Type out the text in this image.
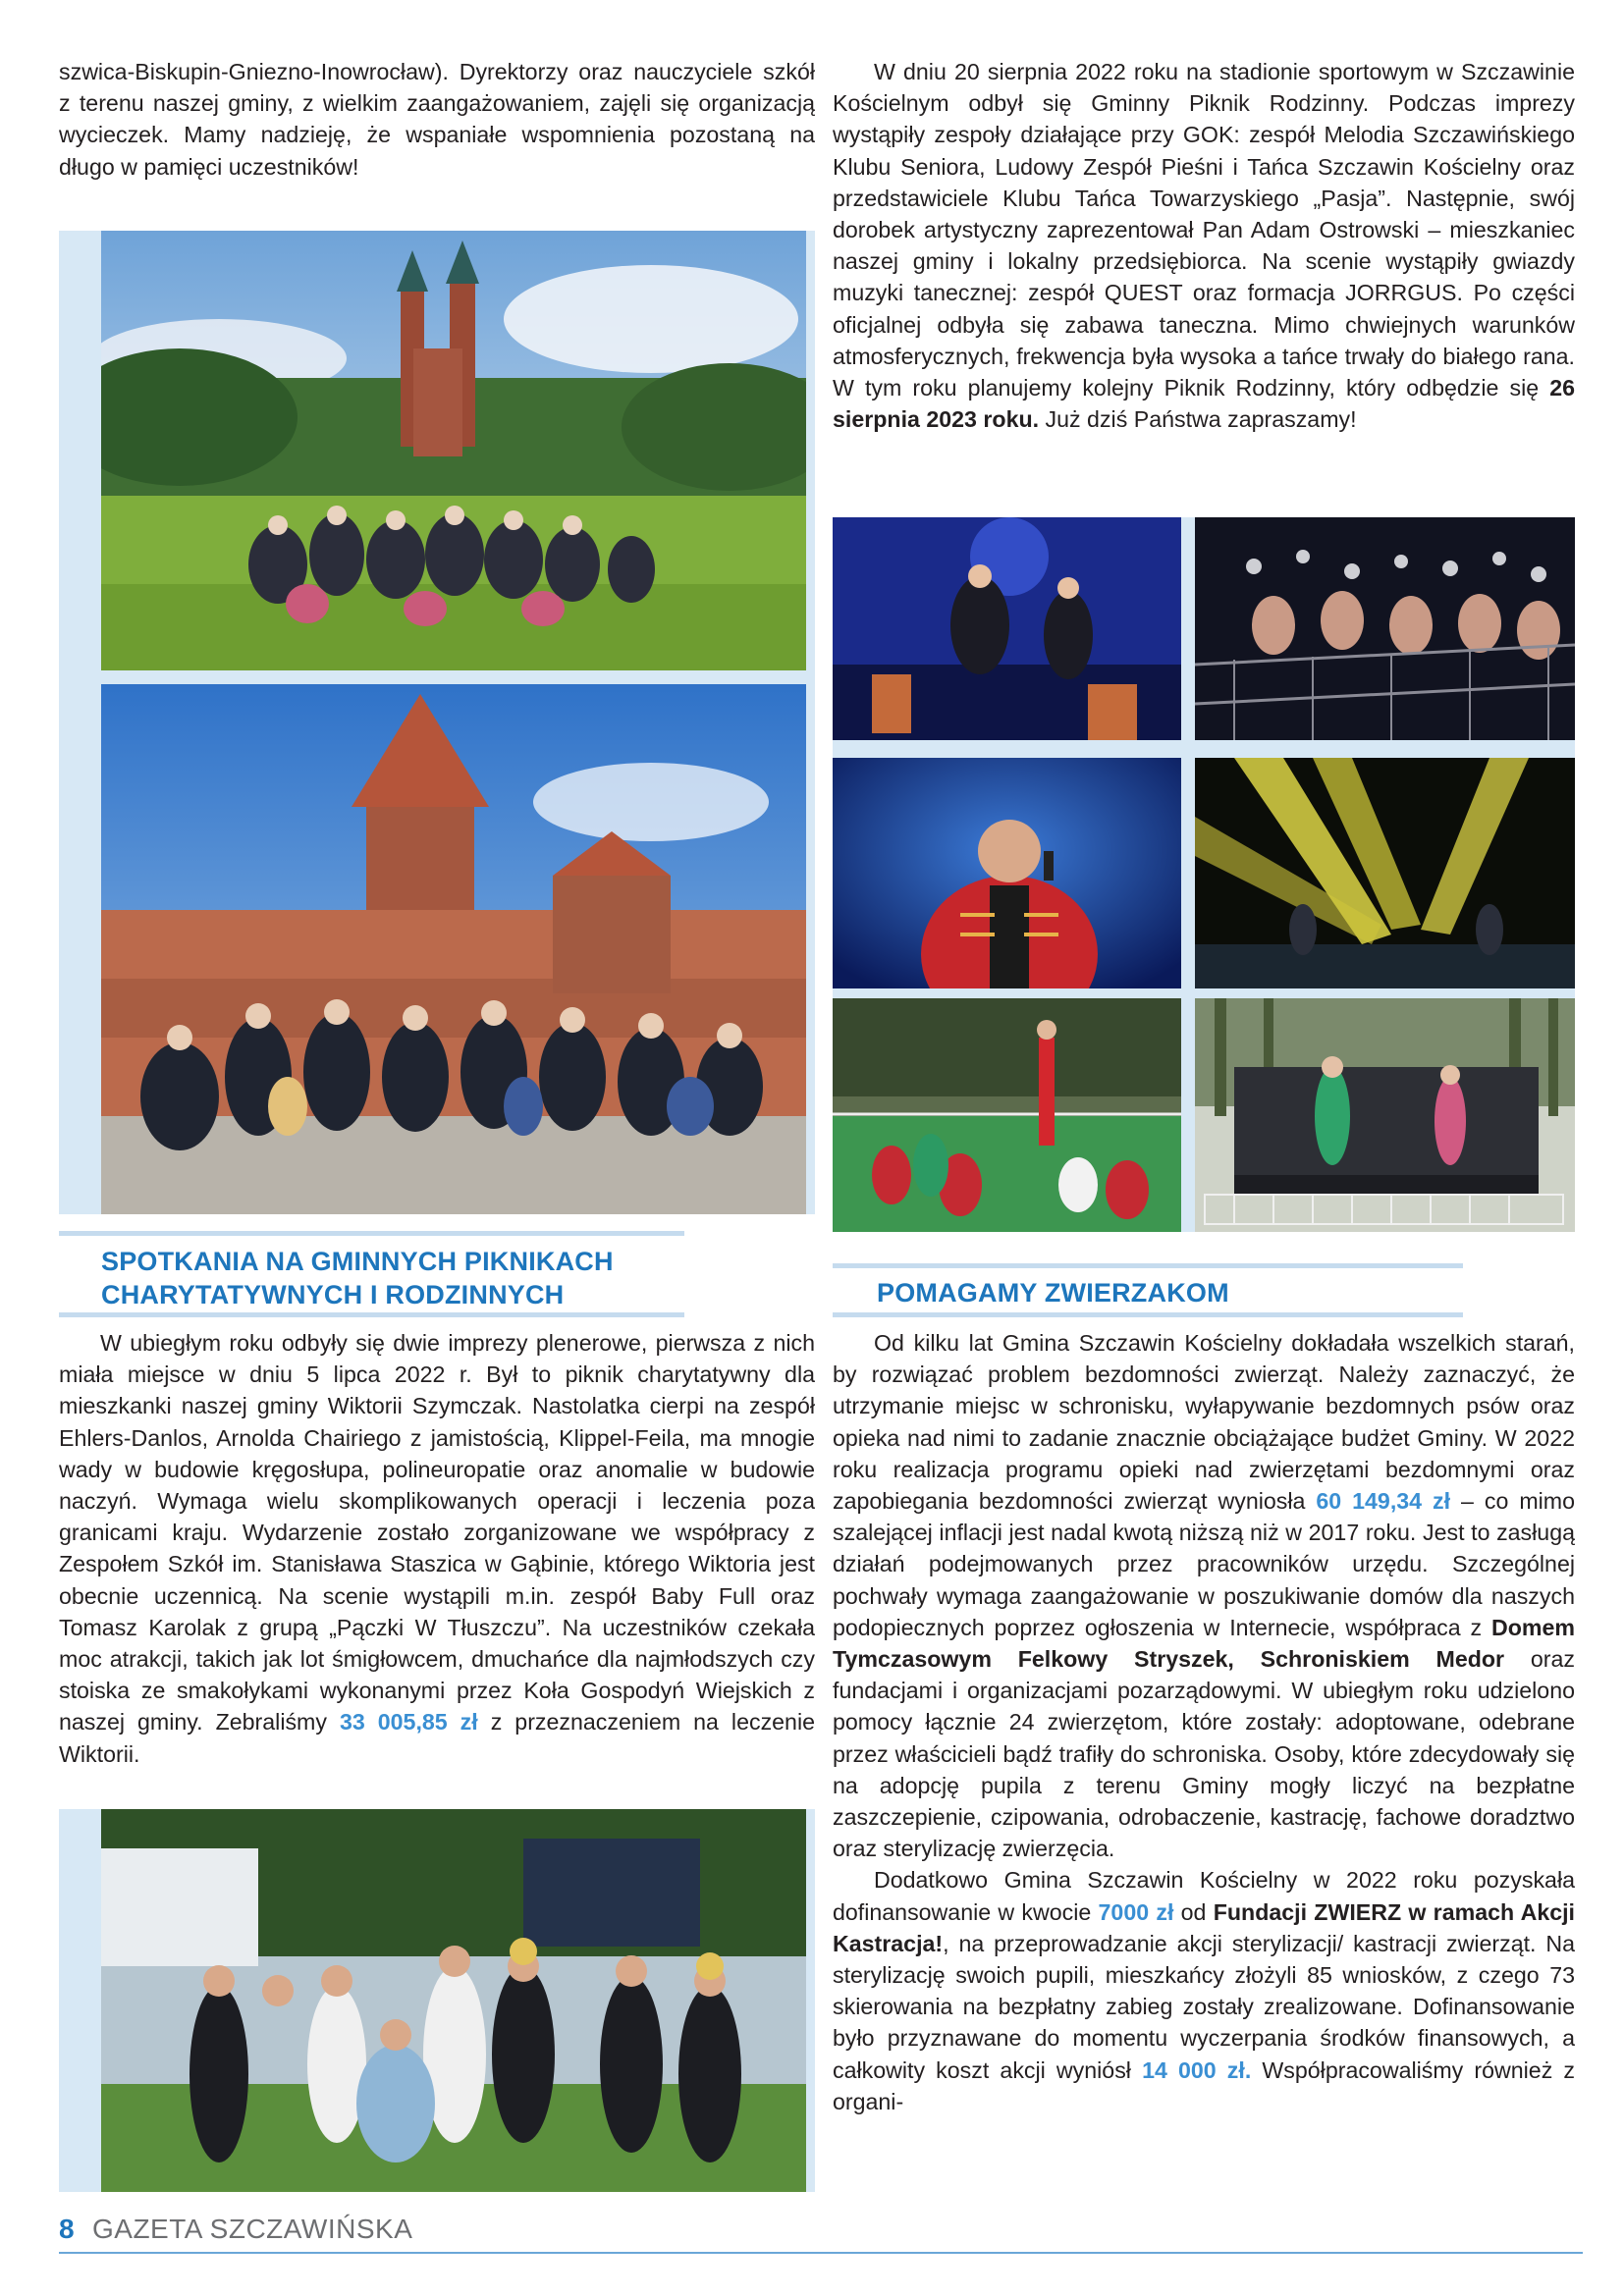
szwica-Biskupin-Gniezno-Inowrocław). Dyrektorzy oraz nauczyciele szkół z terenu naszej gminy, z wielkim zaangażowaniem, zajęli się organizacją wycieczek. Mamy nadzieję, że wspaniałe wspomnienia pozostaną na długo w pamięci uczestników!

W dniu 20 sierpnia 2022 roku na stadionie sportowym w Szczawinie Kościelnym odbył się Gminny Piknik Rodzinny. Podczas imprezy wystąpiły zespoły działające przy GOK: zespół Melodia Szczawińskiego Klubu Seniora, Ludowy Zespół Pieśni i Tańca Szczawin Kościelny oraz przedstawiciele Klubu Tańca Towarzyskiego „Pasja”. Następnie, swój dorobek artystyczny zaprezentował Pan Adam Ostrowski – mieszkaniec naszej gminy i lokalny przedsiębiorca. Na scenie wystąpiły gwiazdy muzyki tanecznej: zespół QUEST oraz formacja JORRGUS. Po części oficjalnej odbyła się zabawa taneczna. Mimo chwiejnych warunków atmosferycznych, frekwencja była wysoka a tańce trwały do białego rana. W tym roku planujemy kolejny Piknik Rodzinny, który odbędzie się 26 sierpnia 2023 roku. Już dziś Państwa zapraszamy!

SPOTKANIA NA GMINNYCH PIKNIKACH
CHARYTATYWNYCH I RODZINNYCH

W ubiegłym roku odbyły się dwie imprezy plenerowe, pierwsza z nich miała miejsce w dniu 5 lipca 2022 r. Był to piknik charytatywny dla mieszkanki naszej gminy Wiktorii Szymczak. Nastolatka cierpi na zespół Ehlers-Danlos, Arnolda Chairiego z jamistością, Klippel-Feila, ma mnogie wady w budowie kręgosłupa, polineuropatie oraz anomalie w budowie naczyń. Wymaga wielu skomplikowanych operacji i leczenia poza granicami kraju. Wydarzenie zostało zorganizowane we współpracy z Zespołem Szkół im. Stanisława Staszica w Gąbinie, którego Wiktoria jest obecnie uczennicą. Na scenie wystąpili m.in. zespół Baby Full oraz Tomasz Karolak z grupą „Pączki W Tłuszczu”. Na uczestników czekała moc atrakcji, takich jak lot śmigłowcem, dmuchańce dla najmłodszych czy stoiska ze smakołykami wykonanymi przez Koła Gospodyń Wiejskich z naszej gminy. Zebraliśmy 33 005,85 zł z przeznaczeniem na leczenie Wiktorii.

POMAGAMY ZWIERZAKOM

Od kilku lat Gmina Szczawin Kościelny dokładała wszelkich starań, by rozwiązać problem bezdomności zwierząt. Należy zaznaczyć, że utrzymanie miejsc w schronisku, wyłapywanie bezdomnych psów oraz opieka nad nimi to zadanie znacznie obciążające budżet Gminy. W 2022 roku realizacja programu opieki nad zwierzętami bezdomnymi oraz zapobiegania bezdomności zwierząt wyniosła 60 149,34 zł – co mimo szalejącej inflacji jest nadal kwotą niższą niż w 2017 roku. Jest to zasługą działań podejmowanych przez pracowników urzędu. Szczególnej pochwały wymaga zaangażowanie w poszukiwanie domów dla naszych podopiecznych poprzez ogłoszenia w Internecie, współpraca z Domem Tymczasowym Felkowy Stryszek, Schroniskiem Medor oraz fundacjami i organizacjami pozarządowymi. W ubiegłym roku udzielono pomocy łącznie 24 zwierzętom, które zostały: adoptowane, odebrane przez właścicieli bądź trafiły do schroniska. Osoby, które zdecydowały się na adopcję pupila z terenu Gminy mogły liczyć na bezpłatne zaszczepienie, czipowania, odrobaczenie, kastrację, fachowe doradztwo oraz sterylizację zwierzęcia.

Dodatkowo Gmina Szczawin Kościelny w 2022 roku pozyskała dofinansowanie w kwocie 7000 zł od Fundacji ZWIERZ w ramach Akcji Kastracja!, na przeprowadzanie akcji sterylizacji/ kastracji zwierząt. Na sterylizację swoich pupili, mieszkańcy złożyli 85 wniosków, z czego 73 skierowania na bezpłatny zabieg zostały zrealizowane. Dofinansowanie było przyznawane do momentu wyczerpania środków finansowych, a całkowity koszt akcji wyniósł 14 000 zł. Współpracowaliśmy również z organi-

8 GAZETA SZCZAWIŃSKA
